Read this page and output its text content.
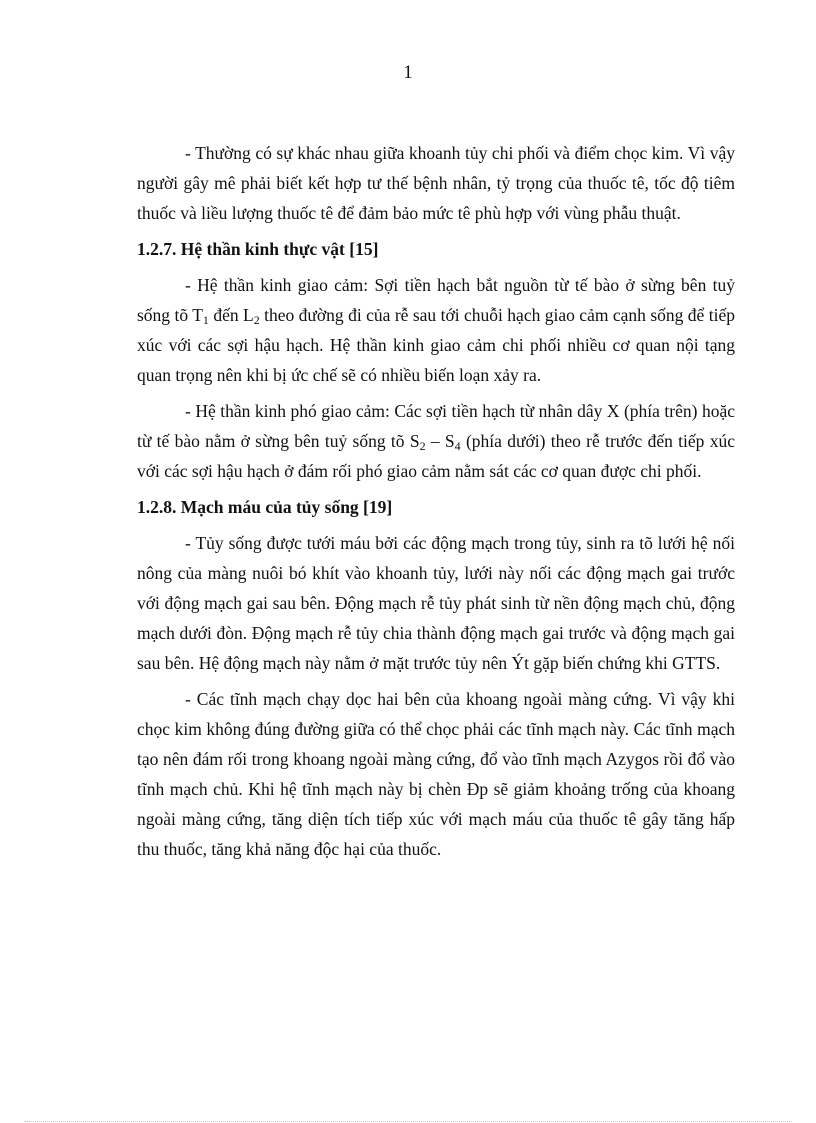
1

- Thường có sự khác nhau giữa khoanh tủy chi phối và điểm chọc kim. Vì vậy người gây mê phải biết kết hợp tư thế bệnh nhân, tỷ trọng của thuốc tê, tốc độ tiêm thuốc và liều lượng thuốc tê để đảm bảo mức tê phù hợp với vùng phẫu thuật.

1.2.7. Hệ thần kinh thực vật [15]

- Hệ thần kinh giao cảm: Sợi tiền hạch bắt nguồn từ tế bào ở sừng bên tuỷ sống tõ $T_1$ đến $L_2$ theo đường đi của rễ sau tới chuỗi hạch giao cảm cạnh sống để tiếp xúc với các sợi hậu hạch. Hệ thần kinh giao cảm chi phối nhiều cơ quan nội tạng quan trọng nên khi bị ức chế sẽ có nhiều biến loạn xảy ra.

- Hệ thần kinh phó giao cảm: Các sợi tiền hạch từ nhân dây X (phía trên) hoặc từ tế bào nằm ở sừng bên tuỷ sống tõ $S_2 - S_4$ (phía dưới) theo rễ trước đến tiếp xúc với các sợi hậu hạch ở đám rối phó giao cảm nằm sát các cơ quan được chi phối.

1.2.8. Mạch máu của tủy sống [19]

- Tủy sống được tưới máu bởi các động mạch trong tủy, sinh ra tõ lưới hệ nối nông của màng nuôi bó khít vào khoanh tủy, lưới này nối các động mạch gai trước với động mạch gai sau bên. Động mạch rễ tủy phát sinh từ nền động mạch chủ, động mạch dưới đòn. Động mạch rễ tủy chia thành động mạch gai trước và động mạch gai sau bên. Hệ động mạch này nằm ở mặt trước tủy nên Ýt gặp biến chứng khi GTTS.

- Các tĩnh mạch chạy dọc hai bên của khoang ngoài màng cứng. Vì vậy khi chọc kim không đúng đường giữa có thể chọc phải các tĩnh mạch này. Các tĩnh mạch tạo nên đám rối trong khoang ngoài màng cứng, đổ vào tĩnh mạch Azygos rồi đổ vào tĩnh mạch chủ. Khi hệ tĩnh mạch này bị chèn Ðp sẽ giảm khoảng trống của khoang ngoài màng cứng, tăng diện tích tiếp xúc với mạch máu của thuốc tê gây tăng hấp thu thuốc, tăng khả năng độc hại của thuốc.
